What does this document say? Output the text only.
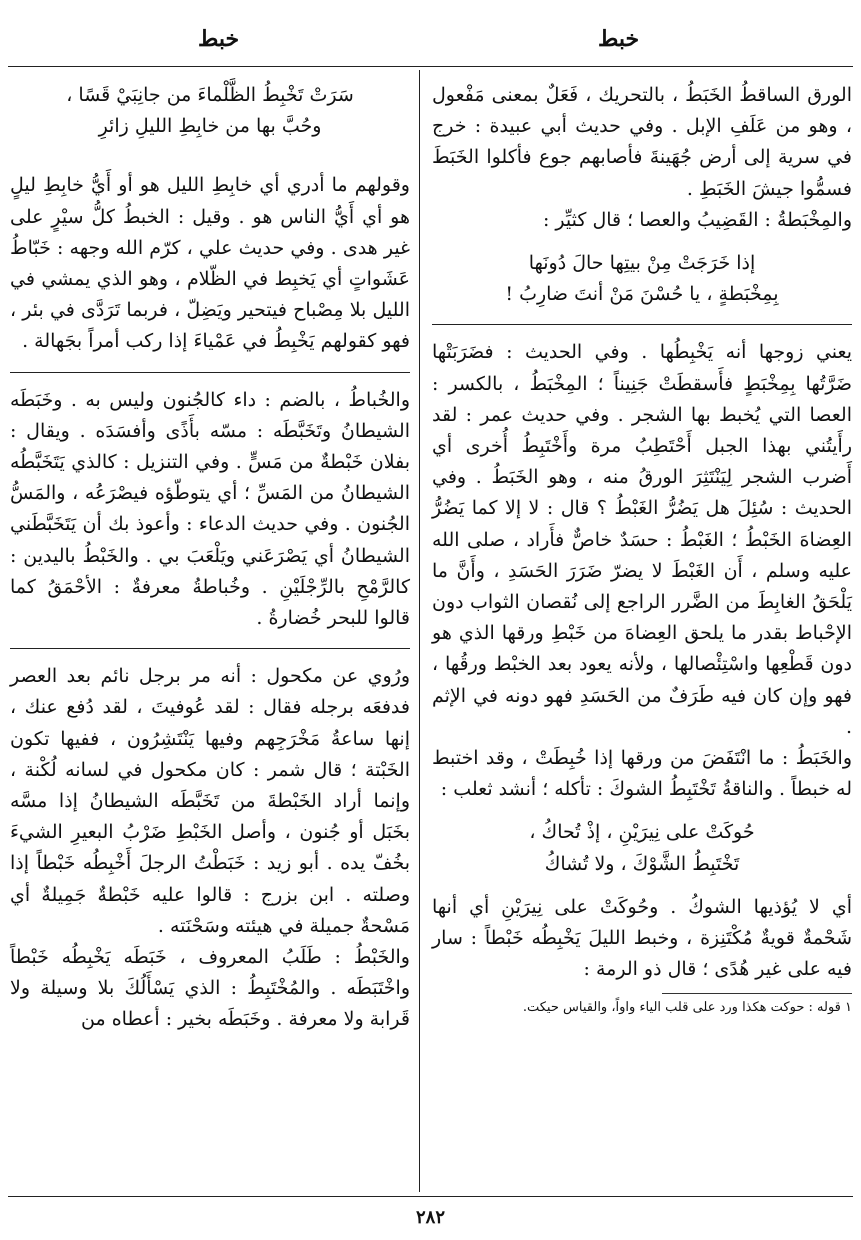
خبط
خبط

الورق الساقطُ الخَبَطُ ، بالتحريك ، فَعَلٌ بمعنى مَفْعول ، وهو من عَلَفِ الإبل . وفي حديث أبي عبيدة : خرج في سرية إلى أرض جُهَينةَ فأصابهم جوع فأكلوا الخَبَطَ فسمُّوا جيشَ الخَبَطِ .

والمِخْبَطةُ : القَضِيبُ والعصا ؛ قال كثيِّر :

إذا خَرَجَتْ مِنْ بيتِها حالَ دُونَها

بِمِخْبَطةٍ ، يا حُسْنَ مَنْ أنتَ ضارِبُ !

يعني زوجها أنه يَخْبِطُها . وفي الحديث : فضَرَبَتْها ضَرَّتُها بِمِخْبَطٍ فأَسقطَتْ جَنِيناً ؛ المِخْبَطُ ، بالكسر : العصا التي يُخبط بها الشجر . وفي حديث عمر : لقد رأَيتُني بهذا الجبل أَحْتَطِبُ مرة وأَخْتَبِطُ أُخرى أي أَضرب الشجر لِيَنْتَثِرَ الورقُ منه ، وهو الخَبَطُ . وفي الحديث : سُئِلَ هل يَضُرُّ الغَبْطُ ؟ قال : لا إلا كما يَضُرُّ العِضاهَ الخَبْطُ ؛ الغَبْطُ : حسَدٌ خاصٌّ فأَراد ، صلى الله عليه وسلم ، أَن الغَبْطَ لا يضرّ ضَرَرَ الحَسَدِ ، وأَنَّ ما يَلْحَقُ الغابِطَ من الضَّرر الراجع إلى نُقصان الثواب دون الإحْباط بقدر ما يلحق العِضاهَ من خَبْطِ ورقها الذي هو دون قَطْعِها واسْتِئْصالها ، ولأنه يعود بعد الخبْط ورقُها ، فهو وإن كان فيه طَرَفٌ من الحَسَدِ فهو دونه في الإثم .

والخَبَطُ : ما انْتَفَضَ من ورقها إذا خُبِطَتْ ، وقد اختبط له خبطاً . والناقةُ تَخْتَبِطُ الشوكَ : تأكله ؛ أنشد ثعلب :

حُوكَتْ على نِيرَيْنِ ، إذْ تُحاكُ ،

تَخْتَبِطُ الشَّوْكَ ، ولا تُشاكُ

أي لا يُؤذيها الشوكُ . وحُوكَتْ على نِيرَيْنِ أي أنها شَحْمةٌ قويةٌ مُكْتَنِزة ، وخبط الليلَ يَخْبِطُه خَبْطاً : سار فيه على غير هُدًى ؛ قال ذو الرمة :

١ قوله : حوكت هكذا ورد على قلب الياء واواً، والقياس حيكت.

سَرَتْ تَخْبِطُ الظَّلْماءَ من جانِبَيْ قَسًا ،

وحُبَّ بها من خابِطِ الليلِ زائرِ

وقولهم ما أدري أي خابِطِ الليل هو أو أَيُّ خابِطِ ليلٍ هو أي أَيُّ الناس هو . وقيل : الخبطُ كلُّ سيْرٍ على غير هدى . وفي حديث علي ، كرّم الله وجهه : خَبّاطُ عَشَواتٍ أي يَخبِط في الظّلام ، وهو الذي يمشي في الليل بلا مِصْباح فيتحير ويَضِلّ ، فربما تَرَدَّى في بئر ، فهو كقولهم يَخْبِطُ في عَمْياءَ إذا ركب أمراً بجَهالة .

والخُباطُ ، بالضم : داء كالجُنون وليس به . وخَبَطَه الشيطانُ وتَخَبَّطَه : مسّه بأَذًى وأفسَدَه . ويقال : بفلان خَبْطةٌ من مَسٍّ . وفي التنزيل : كالذي يَتَخَبَّطُه الشيطانُ من المَسِّ ؛ أي يتوطّؤه فيصْرَعُه ، والمَسُّ الجُنون . وفي حديث الدعاء : وأعوذ بك أن يَتَخَبَّطَني الشيطانُ أي يَصْرَعَني ويَلْعَبَ بي . والخَبْطُ باليدين : كالرَّمْحِ بالرِّجْلَيْنِ . وخُباطةُ معرفةٌ : الأحْمَقُ كما قالوا للبحر خُضارةُ .

ورُوي عن مكحول : أنه مر برجل نائم بعد العصر فدفعَه برجله فقال : لقد عُوفيتَ ، لقد دُفع عنك ، إنها ساعةُ مَخْرَجِهم وفيها يَنْتَشِرُون ، ففيها تكون الخَبْتة ؛ قال شمر : كان مكحول في لسانه لُكْنة ، وإنما أراد الخَبْطةَ من تَخَبَّطَه الشيطانُ إذا مسَّه بخَبَل أو جُنون ، وأصل الخَبْطِ ضَرْبُ البعيرِ الشيءَ بخُفّ يده . أبو زيد : خَبَطْتُ الرجلَ أَخْبِطُه خَبْطاً إذا وصلته . ابن بزرج : قالوا عليه خَبْطةٌ جَمِيلةٌ أي مَسْحةٌ جميلة في هيئته وسَحْنَته .

والخَبْطُ : طَلَبُ المعروف ، خَبَطَه يَخْبِطُه خَبْطاً واخْتَبَطَه . والمُخْتَبِطُ : الذي يَسْأَلُكَ بلا وسيلة ولا قَرابة ولا معرفة . وخَبَطَه بخير : أعطاه من

٢٨٢
